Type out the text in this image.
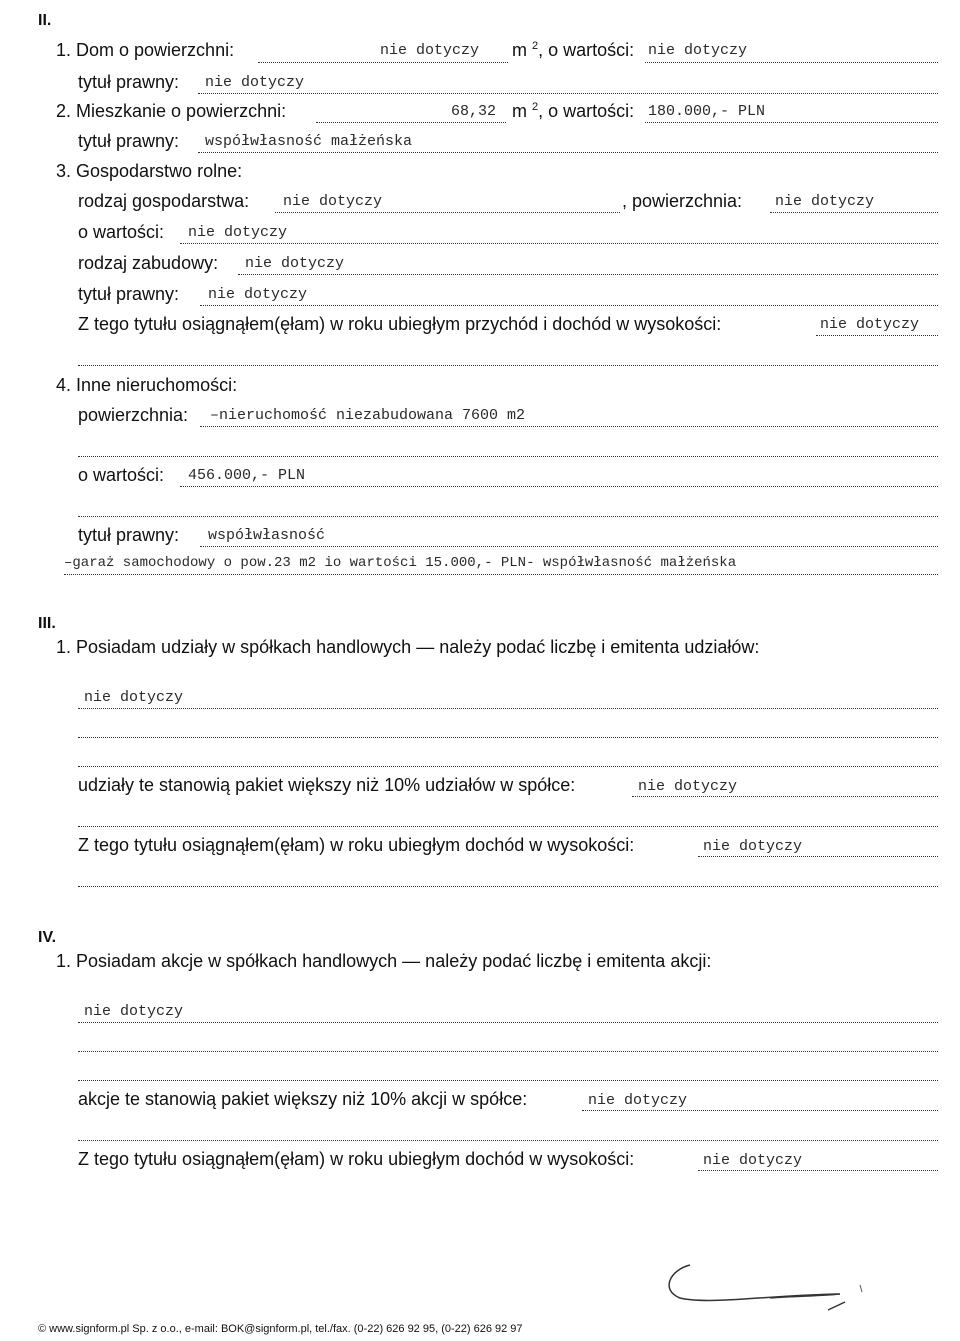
II.
1. Dom o powierzchni:	nie dotyczy m $^2$, o wartości: nie dotyczy
tytuł prawny: nie dotyczy
2. Mieszkanie o powierzchni:	68,32 m $^2$, o wartości: 180.000,- PLN
tytuł prawny: współwłasność małżeńska
3. Gospodarstwo rolne:
rodzaj gospodarstwa: nie dotyczy	, powierzchnia: nie dotyczy
o wartości: nie dotyczy
rodzaj zabudowy: nie dotyczy
tytuł prawny: nie dotyczy
Z tego tytułu osiągnąłem(ęłam) w roku ubiegłym przychód i dochód w wysokości:	nie dotyczy
4. Inne nieruchomości:
powierzchnia: –nieruchomość niezabudowana 7600 m2
o wartości: 456.000,- PLN
tytuł prawny: współwłasność
–garaż samochodowy o pow.23 m2 io wartości 15.000,- PLN- współwłasność małżeńska
III.
1. Posiadam udziały w spółkach handlowych — należy podać liczbę i emitenta udziałów:
nie dotyczy
udziały te stanowią pakiet większy niż 10% udziałów w spółce:	nie dotyczy
Z tego tytułu osiągnąłem(ęłam) w roku ubiegłym dochód w wysokości:	nie dotyczy
IV.
1. Posiadam akcje w spółkach handlowych — należy podać liczbę i emitenta akcji:
nie dotyczy
akcje te stanowią pakiet większy niż 10% akcji w spółce:	nie dotyczy
Z tego tytułu osiągnąłem(ęłam) w roku ubiegłym dochód w wysokości:	nie dotyczy
© www.signform.pl Sp. z o.o., e-mail: BOK@signform.pl, tel./fax. (0-22) 626 92 95, (0-22) 626 92 97
